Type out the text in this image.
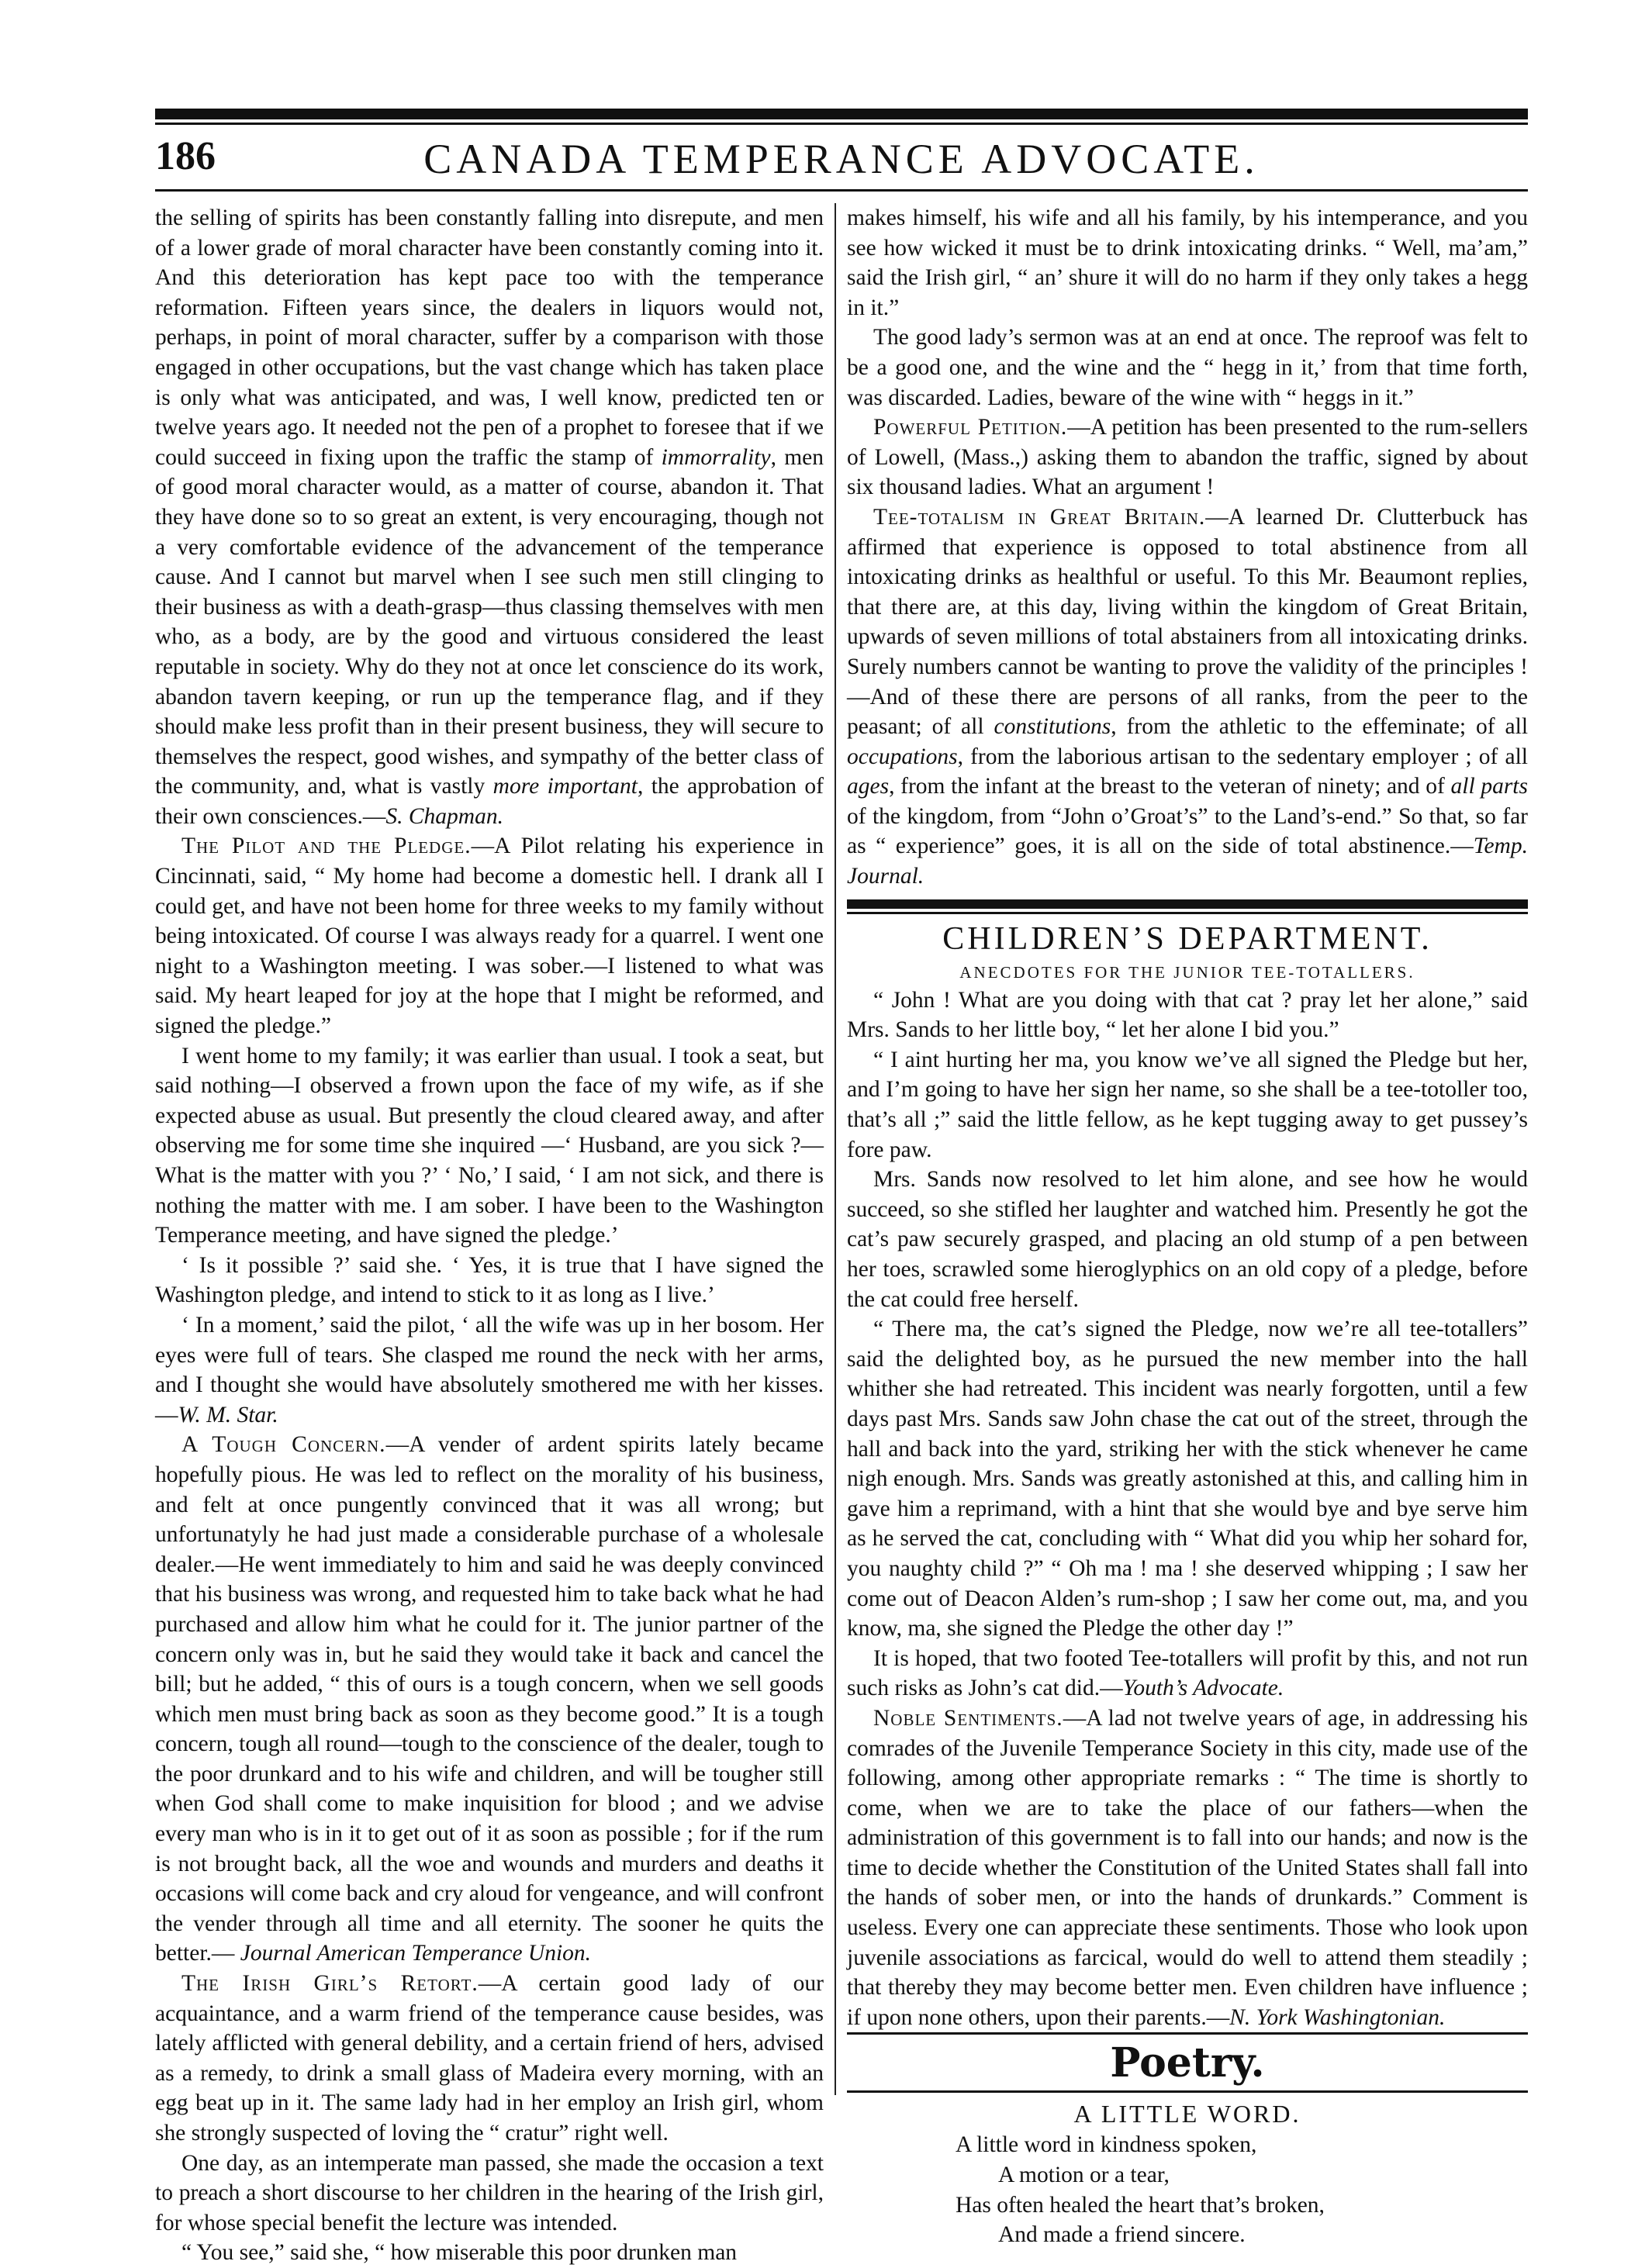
186	CANADA TEMPERANCE ADVOCATE.

the selling of spirits has been constantly falling into disrepute, and men of a lower grade of moral character have been constantly coming into it. And this deterioration has kept pace too with the temperance reformation. Fifteen years since, the dealers in liquors would not, perhaps, in point of moral character, suffer by a comparison with those engaged in other occupations, but the vast change which has taken place is only what was anticipated, and was, I well know, predicted ten or twelve years ago. It needed not the pen of a prophet to foresee that if we could succeed in fixing upon the traffic the stamp of immorrality, men of good moral character would, as a matter of course, abandon it. That they have done so to so great an extent, is very encouraging, though not a very comfortable evidence of the advancement of the temperance cause. And I cannot but marvel when I see such men still clinging to their business as with a death-grasp—thus classing themselves with men who, as a body, are by the good and virtuous considered the least reputable in society. Why do they not at once let conscience do its work, abandon tavern keeping, or run up the temperance flag, and if they should make less profit than in their present business, they will secure to themselves the respect, good wishes, and sympathy of the better class of the community, and, what is vastly more important, the approbation of their own consciences.—S. Chapman.

The Pilot and the Pledge.—A Pilot relating his experience in Cincinnati, said, “ My home had become a domestic hell. I drank all I could get, and have not been home for three weeks to my family without being intoxicated. Of course I was always ready for a quarrel. I went one night to a Washington meeting. I was sober.—I listened to what was said. My heart leaped for joy at the hope that I might be reformed, and signed the pledge.”

I went home to my family; it was earlier than usual. I took a seat, but said nothing—I observed a frown upon the face of my wife, as if she expected abuse as usual. But presently the cloud cleared away, and after observing me for some time she inquired —‘ Husband, are you sick ?—What is the matter with you ?’ ‘ No,’ I said, ‘ I am not sick, and there is nothing the matter with me. I am sober. I have been to the Washington Temperance meeting, and have signed the pledge.’

‘ Is it possible ?’ said she. ‘ Yes, it is true that I have signed the Washington pledge, and intend to stick to it as long as I live.’

‘ In a moment,’ said the pilot, ‘ all the wife was up in her bosom. Her eyes were full of tears. She clasped me round the neck with her arms, and I thought she would have absolutely smothered me with her kisses.—W. M. Star.

A Tough Concern.—A vender of ardent spirits lately became hopefully pious. He was led to reflect on the morality of his business, and felt at once pungently convinced that it was all wrong; but unfortunatyly he had just made a considerable purchase of a wholesale dealer.—He went immediately to him and said he was deeply convinced that his business was wrong, and requested him to take back what he had purchased and allow him what he could for it. The junior partner of the concern only was in, but he said they would take it back and cancel the bill; but he added, “ this of ours is a tough concern, when we sell goods which men must bring back as soon as they become good.” It is a tough concern, tough all round—tough to the conscience of the dealer, tough to the poor drunkard and to his wife and children, and will be tougher still when God shall come to make inquisition for blood ; and we advise every man who is in it to get out of it as soon as possible ; for if the rum is not brought back, all the woe and wounds and murders and deaths it occasions will come back and cry aloud for vengeance, and will confront the vender through all time and all eternity. The sooner he quits the better.— Journal American Temperance Union.

The Irish Girl’s Retort.—A certain good lady of our acquaintance, and a warm friend of the temperance cause besides, was lately afflicted with general debility, and a certain friend of hers, advised as a remedy, to drink a small glass of Madeira every morning, with an egg beat up in it. The same lady had in her employ an Irish girl, whom she strongly suspected of loving the “ cratur” right well.

One day, as an intemperate man passed, she made the occasion a text to preach a short discourse to her children in the hearing of the Irish girl, for whose special benefit the lecture was intended.

“ You see,” said she, “ how miserable this poor drunken man

makes himself, his wife and all his family, by his intemperance, and you see how wicked it must be to drink intoxicating drinks. “ Well, ma’am,” said the Irish girl, “ an’ shure it will do no harm if they only takes a hegg in it.”

The good lady’s sermon was at an end at once. The reproof was felt to be a good one, and the wine and the “ hegg in it,’ from that time forth, was discarded. Ladies, beware of the wine with “ heggs in it.”

Powerful Petition.—A petition has been presented to the rum-sellers of Lowell, (Mass.,) asking them to abandon the traffic, signed by about six thousand ladies. What an argument !

Tee-totalism in Great Britain.—A learned Dr. Clutterbuck has affirmed that experience is opposed to total abstinence from all intoxicating drinks as healthful or useful. To this Mr. Beaumont replies, that there are, at this day, living within the kingdom of Great Britain, upwards of seven millions of total abstainers from all intoxicating drinks. Surely numbers cannot be wanting to prove the validity of the principles !—And of these there are persons of all ranks, from the peer to the peasant; of all constitutions, from the athletic to the effeminate; of all occupations, from the laborious artisan to the sedentary employer ; of all ages, from the infant at the breast to the veteran of ninety; and of all parts of the kingdom, from “John o’Groat’s” to the Land’s-end.” So that, so far as “ experience” goes, it is all on the side of total abstinence.—Temp. Journal.

CHILDREN’S DEPARTMENT.
ANECDOTES FOR THE JUNIOR TEE-TOTALLERS.

“ John ! What are you doing with that cat ? pray let her alone,” said Mrs. Sands to her little boy, “ let her alone I bid you.”

“ I aint hurting her ma, you know we’ve all signed the Pledge but her, and I’m going to have her sign her name, so she shall be a tee-totoller too, that’s all ;” said the little fellow, as he kept tugging away to get pussey’s fore paw.

Mrs. Sands now resolved to let him alone, and see how he would succeed, so she stifled her laughter and watched him. Presently he got the cat’s paw securely grasped, and placing an old stump of a pen between her toes, scrawled some hieroglyphics on an old copy of a pledge, before the cat could free herself.

“ There ma, the cat’s signed the Pledge, now we’re all tee-totallers” said the delighted boy, as he pursued the new member into the hall whither she had retreated. This incident was nearly forgotten, until a few days past Mrs. Sands saw John chase the cat out of the street, through the hall and back into the yard, striking her with the stick whenever he came nigh enough. Mrs. Sands was greatly astonished at this, and calling him in gave him a reprimand, with a hint that she would bye and bye serve him as he served the cat, concluding with “ What did you whip her sohard for, you naughty child ?” “ Oh ma ! ma ! she deserved whipping ; I saw her come out of Deacon Alden’s rum-shop ; I saw her come out, ma, and you know, ma, she signed the Pledge the other day !”

It is hoped, that two footed Tee-totallers will profit by this, and not run such risks as John’s cat did.—Youth’s Advocate.

Noble Sentiments.—A lad not twelve years of age, in addressing his comrades of the Juvenile Temperance Society in this city, made use of the following, among other appropriate remarks : “ The time is shortly to come, when we are to take the place of our fathers—when the administration of this government is to fall into our hands; and now is the time to decide whether the Constitution of the United States shall fall into the hands of sober men, or into the hands of drunkards.” Comment is useless. Every one can appreciate these sentiments. Those who look upon juvenile associations as farcical, would do well to attend them steadily ; that thereby they may become better men. Even children have influence ; if upon none others, upon their parents.—N. York Washingtonian.

Poetry.
A LITTLE WORD.

A little word in kindness spoken,

A motion or a tear,

Has often healed the heart that’s broken,

And made a friend sincere.
